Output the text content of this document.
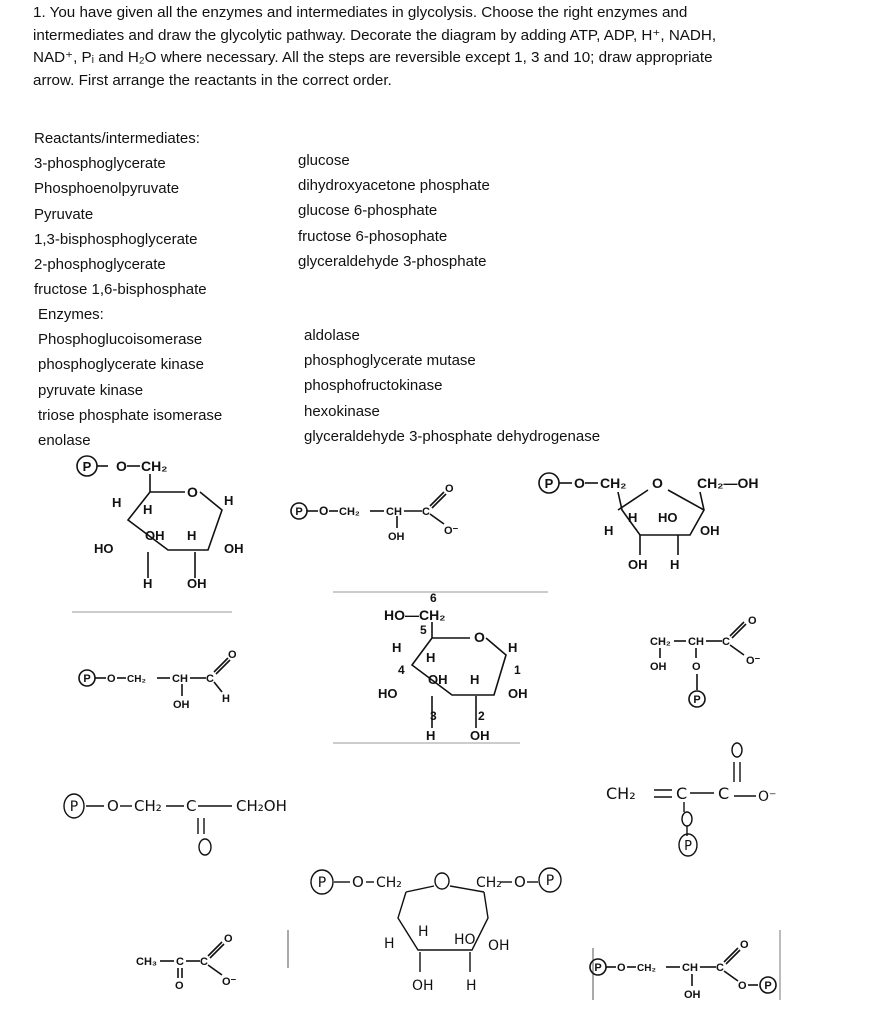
1. You have given all the enzymes and intermediates in glycolysis. Choose the right enzymes and
intermediates and draw the glycolytic pathway. Decorate the diagram by adding ATP, ADP, H⁺, NADH,
NAD⁺, Pᵢ and H₂O where necessary. All the steps are reversible except 1, 3 and 10; draw appropriate
arrow. First arrange the reactants in the correct order.
Reactants/intermediates:
3-phosphoglycerate
Phosphoenolpyruvate
Pyruvate
1,3-bisphosphoglycerate
2-phosphoglycerate
fructose 1,6-bisphosphate
glucose
dihydroxyacetone phosphate
glucose 6-phosphate
fructose 6-phosophate
glyceraldehyde 3-phosphate
Enzymes:
Phosphoglucoisomerase
phosphoglycerate kinase
pyruvate kinase
triose phosphate isomerase
enolase
aldolase
phosphoglycerate mutase
phosphofructokinase
hexokinase
glyceraldehyde 3-phosphate dehydrogenase
P O CH₂
O
H H
H
OH H
HO	OH
H	OH
P O CH₂ CH C
O
O⁻
OH
P O CH₂ O CH₂—OH
H
H HO
OH
OH H
P O CH₂ CH C
O
H
OH
6
HO—CH₂
5	O
H
H
H
4	1
OH H
HO	OH
3	2
H	OH
CH₂ CH C
O
O⁻
OH O
P
P O CH₂ C	CH₂OH
CH₂	C C O⁻
P
P O CH₂	CH₂ O P
H
H HO OH
OH H
CH₃ C C
O
O⁻
O
P O CH₂ CH C
O
O P
OH
